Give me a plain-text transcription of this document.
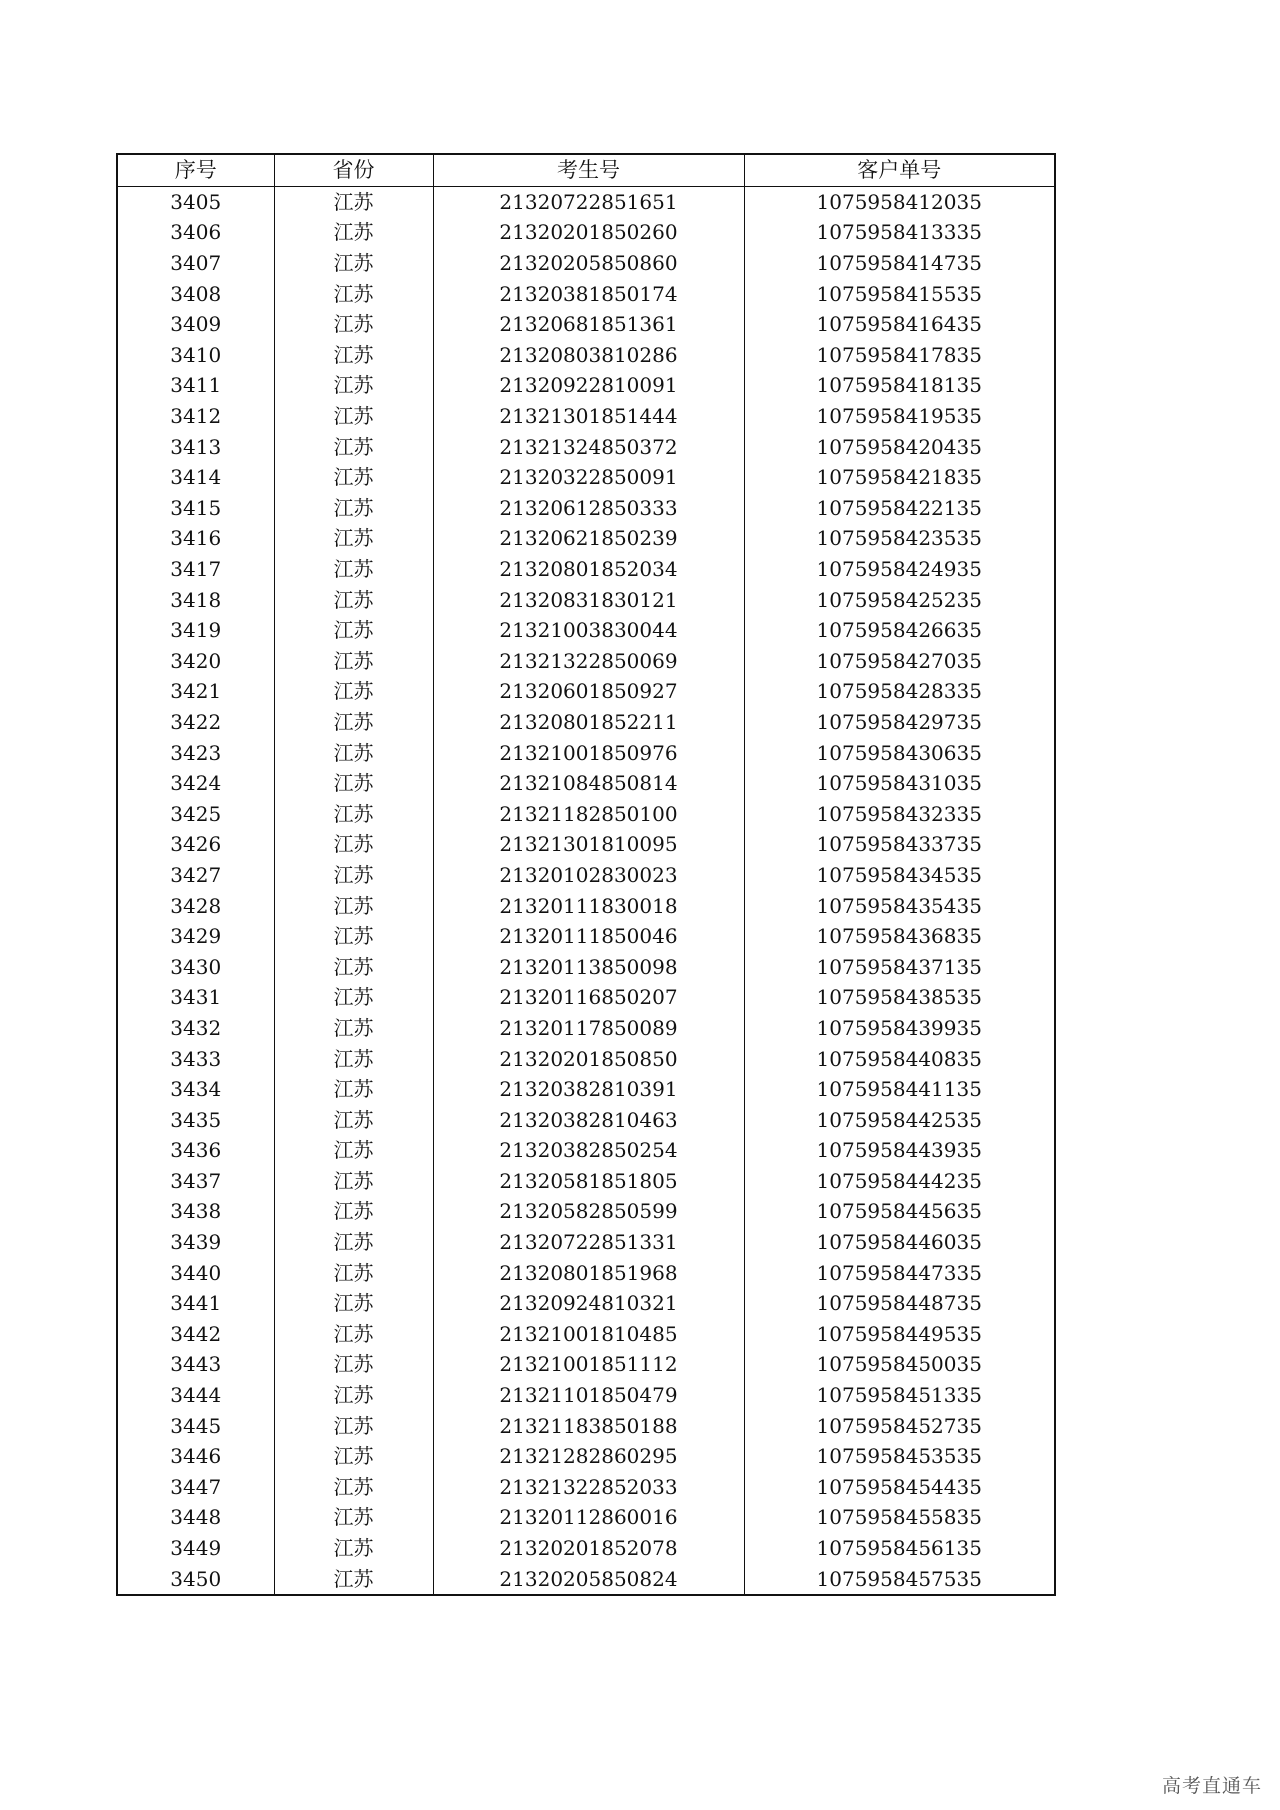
序号	省份	考生号	客户单号
3405	江苏	21320722851651	1075958412035
3406	江苏	21320201850260	1075958413335
3407	江苏	21320205850860	1075958414735
3408	江苏	21320381850174	1075958415535
3409	江苏	21320681851361	1075958416435
3410	江苏	21320803810286	1075958417835
3411	江苏	21320922810091	1075958418135
3412	江苏	21321301851444	1075958419535
3413	江苏	21321324850372	1075958420435
3414	江苏	21320322850091	1075958421835
3415	江苏	21320612850333	1075958422135
3416	江苏	21320621850239	1075958423535
3417	江苏	21320801852034	1075958424935
3418	江苏	21320831830121	1075958425235
3419	江苏	21321003830044	1075958426635
3420	江苏	21321322850069	1075958427035
3421	江苏	21320601850927	1075958428335
3422	江苏	21320801852211	1075958429735
3423	江苏	21321001850976	1075958430635
3424	江苏	21321084850814	1075958431035
3425	江苏	21321182850100	1075958432335
3426	江苏	21321301810095	1075958433735
3427	江苏	21320102830023	1075958434535
3428	江苏	21320111830018	1075958435435
3429	江苏	21320111850046	1075958436835
3430	江苏	21320113850098	1075958437135
3431	江苏	21320116850207	1075958438535
3432	江苏	21320117850089	1075958439935
3433	江苏	21320201850850	1075958440835
3434	江苏	21320382810391	1075958441135
3435	江苏	21320382810463	1075958442535
3436	江苏	21320382850254	1075958443935
3437	江苏	21320581851805	1075958444235
3438	江苏	21320582850599	1075958445635
3439	江苏	21320722851331	1075958446035
3440	江苏	21320801851968	1075958447335
3441	江苏	21320924810321	1075958448735
3442	江苏	21321001810485	1075958449535
3443	江苏	21321001851112	1075958450035
3444	江苏	21321101850479	1075958451335
3445	江苏	21321183850188	1075958452735
3446	江苏	21321282860295	1075958453535
3447	江苏	21321322852033	1075958454435
3448	江苏	21320112860016	1075958455835
3449	江苏	21320201852078	1075958456135
3450	江苏	21320205850824	1075958457535
高考直通车
